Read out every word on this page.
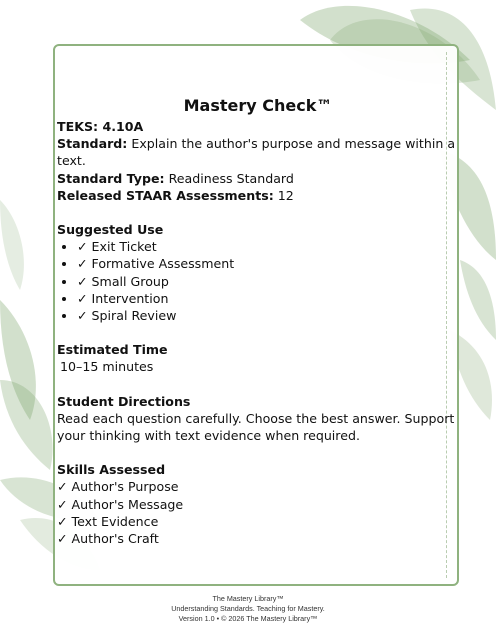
Mastery Check™
TEKS: 4.10A
Standard: Explain the author's purpose and message within a text.
Standard Type: Readiness Standard
Released STAAR Assessments: 12
Suggested Use
• ✓ Exit Ticket
• ✓ Formative Assessment
• ✓ Small Group
• ✓ Intervention
• ✓ Spiral Review
Estimated Time
10–15 minutes
Student Directions
Read each question carefully. Choose the best answer. Support your thinking with text evidence when required.
Skills Assessed
✓ Author's Purpose
✓ Author's Message
✓ Text Evidence
✓ Author's Craft
The Mastery Library™
Understanding Standards. Teaching for Mastery.
Version 1.0 • © 2026 The Mastery Library™
